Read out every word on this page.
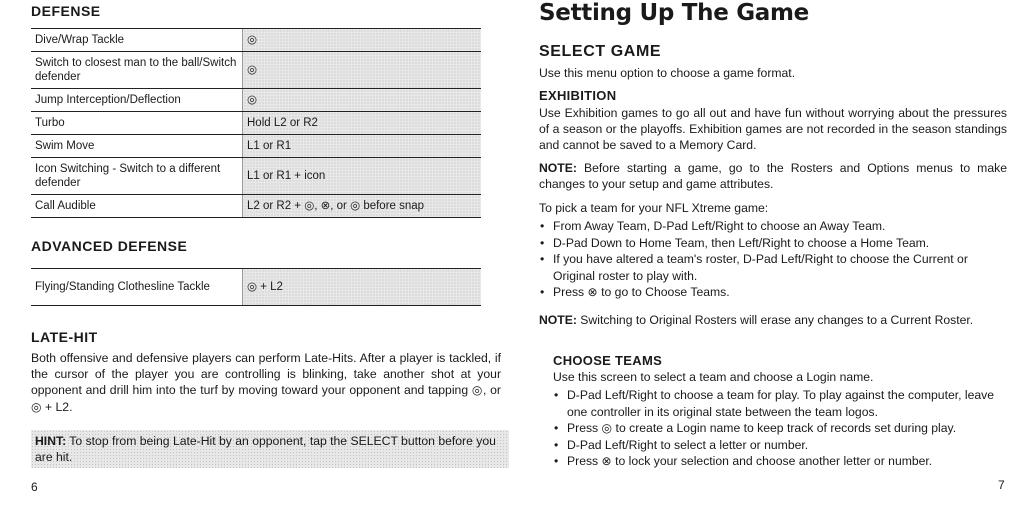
DEFENSE
Dive/Wrap Tackle	◎
Switch to closest man to the ball/Switch defender	◎
Jump Interception/Deflection	◎
Turbo	Hold L2 or R2
Swim Move	L1 or R1
Icon Switching - Switch to a different defender	L1 or R1 + icon
Call Audible	L2 or R2 + ◎, ⊗, or ◎ before snap
ADVANCED DEFENSE
Flying/Standing Clothesline Tackle	◎ + L2
LATE-HIT

Both offensive and defensive players can perform Late-Hits. After a player is tackled, if the cursor of the player you are controlling is blinking, take another shot at your opponent and drill him into the turf by moving toward your opponent and tapping ◎, or ◎ + L2.

HINT: To stop from being Late-Hit by an opponent, tap the SELECT button before you are hit.
6
Setting Up The Game
SELECT GAME

Use this menu option to choose a game format.

EXHIBITION

Use Exhibition games to go all out and have fun without worrying about the pressures of a season or the playoffs. Exhibition games are not recorded in the season standings and cannot be saved to a Memory Card.

NOTE: Before starting a game, go to the Rosters and Options menus to make changes to your setup and game attributes.

To pick a team for your NFL Xtreme game:

• From Away Team, D-Pad Left/Right to choose an Away Team.
• D-Pad Down to Home Team, then Left/Right to choose a Home Team.
• If you have altered a team's roster, D-Pad Left/Right to choose the Current or Original roster to play with.
• Press ⊗ to go to Choose Teams.

NOTE: Switching to Original Rosters will erase any changes to a Current Roster.

CHOOSE TEAMS

Use this screen to select a team and choose a Login name.

• D-Pad Left/Right to choose a team for play. To play against the computer, leave one controller in its original state between the team logos.
• Press ◎ to create a Login name to keep track of records set during play.
• D-Pad Left/Right to select a letter or number.
• Press ⊗ to lock your selection and choose another letter or number.
7
